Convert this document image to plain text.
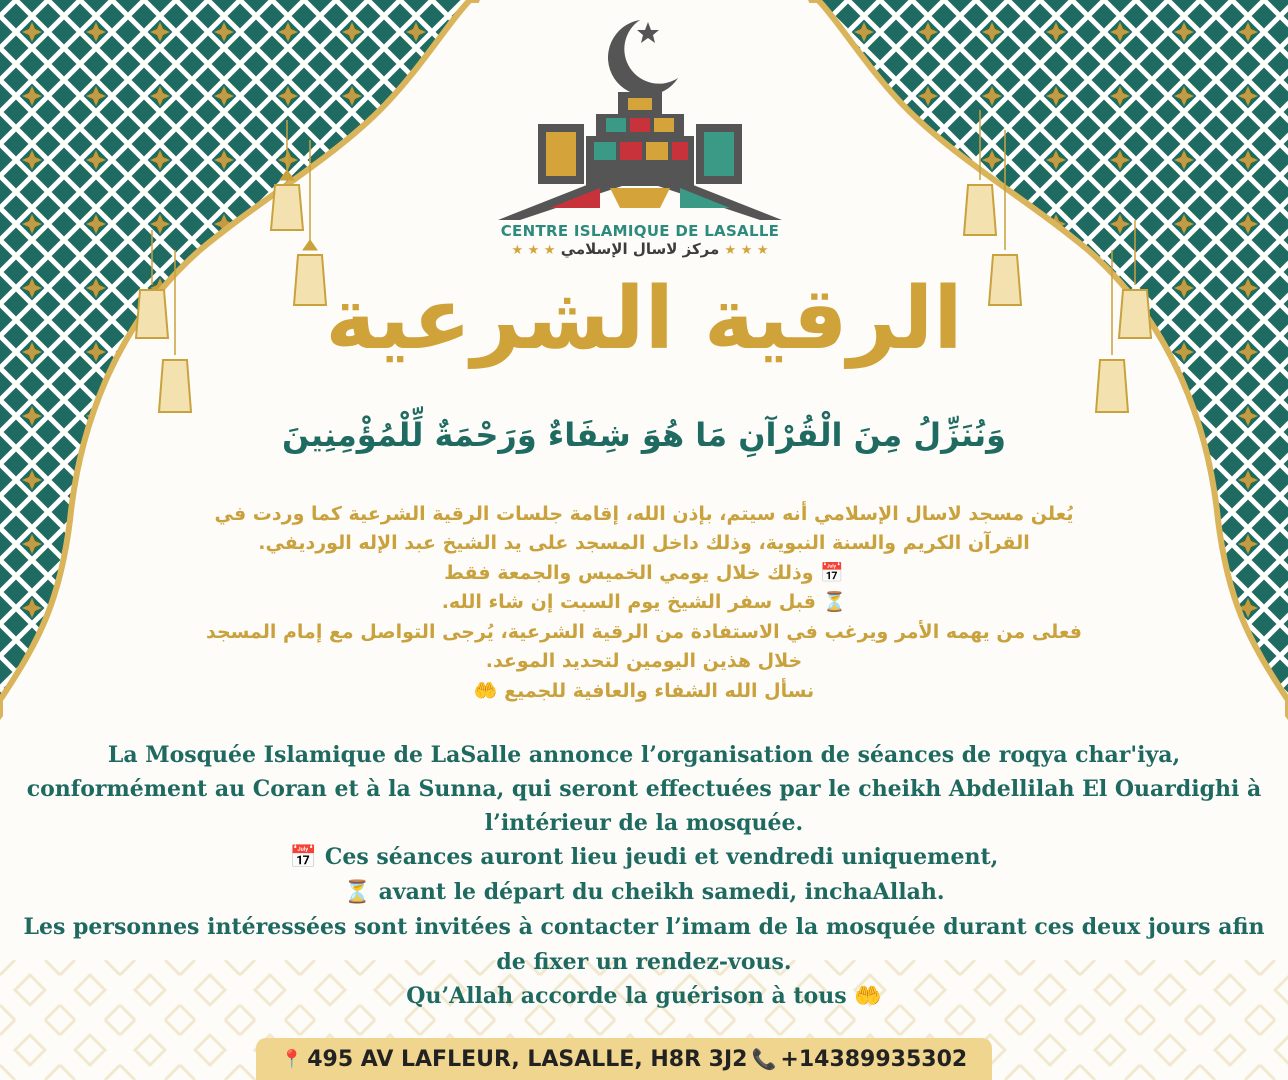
CENTRE ISLAMIQUE DE LASALLE
★ ★ ★ مركز لاسال الإسلامي ★ ★ ★
الرقية الشرعية
وَنُنَزِّلُ مِنَ الْقُرْآنِ مَا هُوَ شِفَاءٌ وَرَحْمَةٌ لِّلْمُؤْمِنِينَ

يُعلن مسجد لاسال الإسلامي أنه سيتم، بإذن الله، إقامة جلسات الرقية الشرعية كما وردت في

القرآن الكريم والسنة النبوية، وذلك داخل المسجد على يد الشيخ عبد الإله الورديفي.

📅 وذلك خلال يومي الخميس والجمعة فقط

⏳ قبل سفر الشيخ يوم السبت إن شاء الله.

فعلى من يهمه الأمر ويرغب في الاستفادة من الرقية الشرعية، يُرجى التواصل مع إمام المسجد

خلال هذين اليومين لتحديد الموعد.

نسأل الله الشفاء والعافية للجميع 🤲

La Mosquée Islamique de LaSalle annonce l’organisation de séances de roqya char'iya, conformément au Coran et à la Sunna, qui seront effectuées par le cheikh Abdellilah El Ouardighi à l’intérieur de la mosquée.

📅 Ces séances auront lieu jeudi et vendredi uniquement,

⏳ avant le départ du cheikh samedi, inchaAllah.

Les personnes intéressées sont invitées à contacter l’imam de la mosquée durant ces deux jours afin de fixer un rendez-vous.

Qu’Allah accorde la guérison à tous 🤲

📍 495 AV LAFLEUR, LASALLE, H8R 3J2 📞 +14389935302
